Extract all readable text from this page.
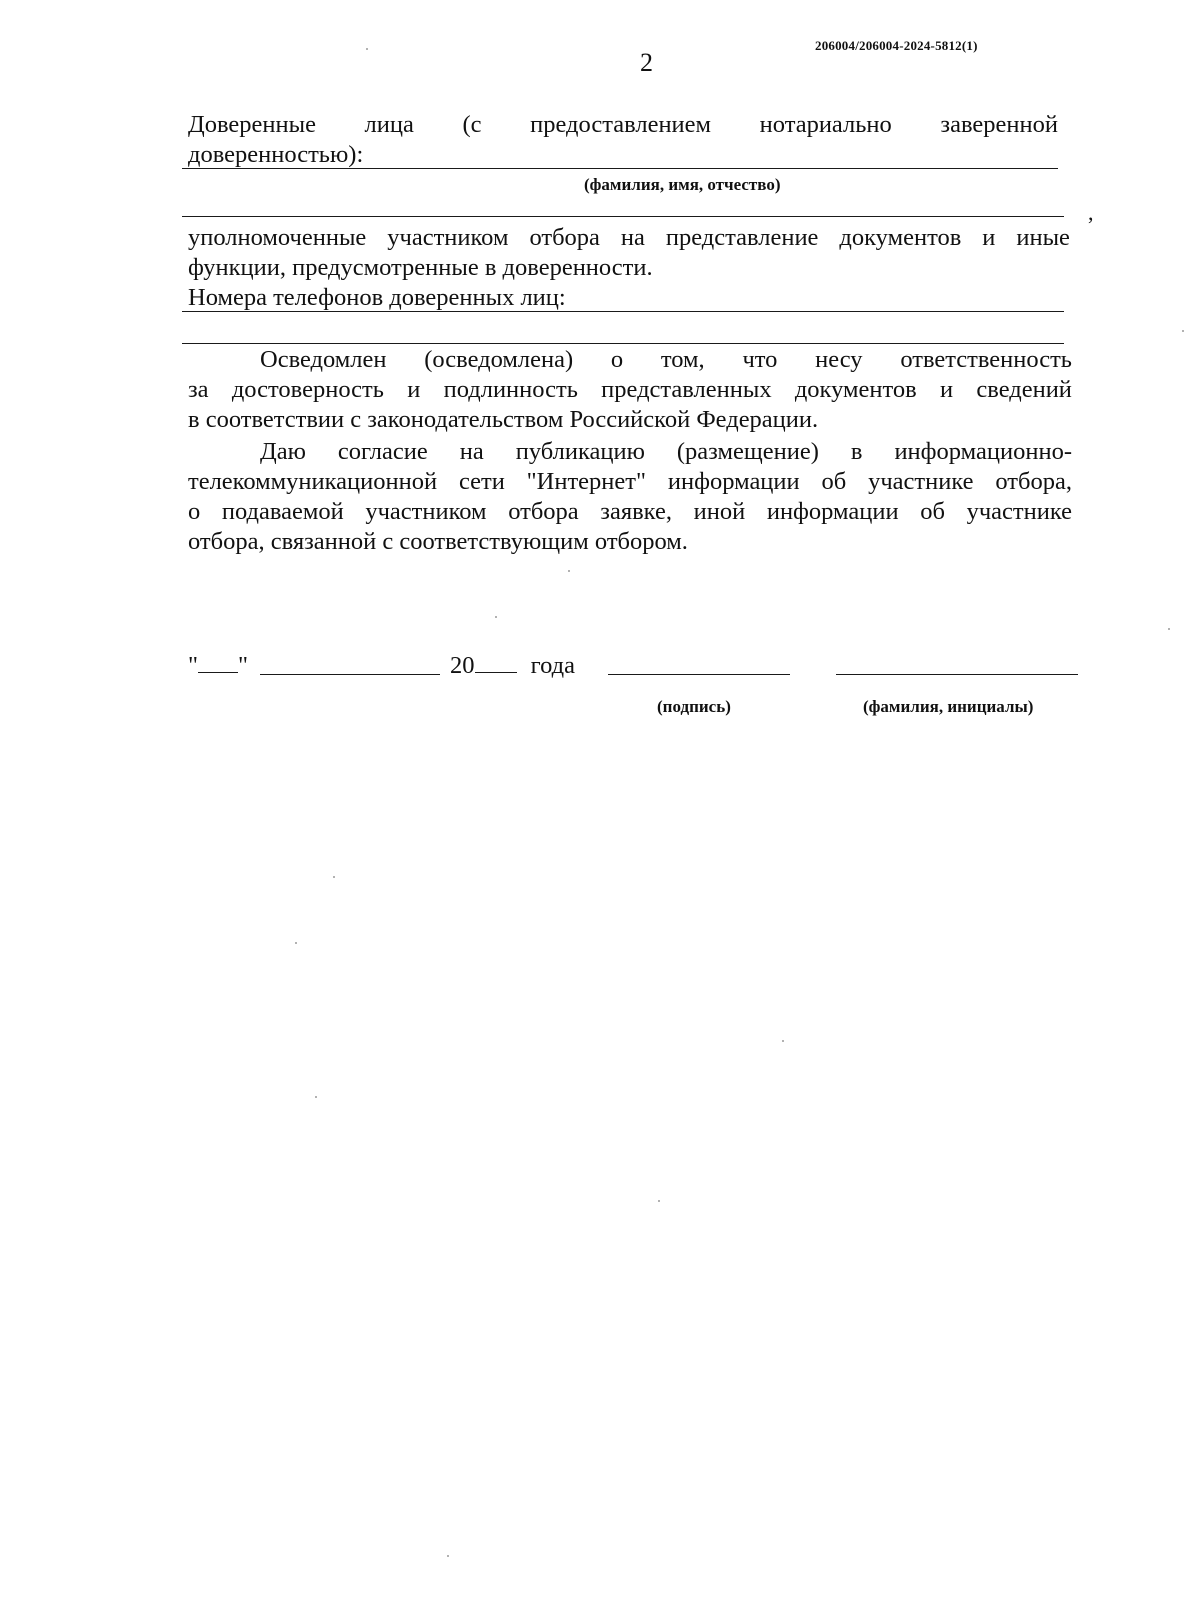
206004/206004-2024-5812(1)
2
Доверенные лица (с предоставлением нотариально заверенной
доверенностью):
(фамилия, имя, отчество)
,
уполномоченные участником отбора на представление документов и иные
функции, предусмотренные в доверенности.
Номера телефонов доверенных лиц:
Осведомлен (осведомлена) о том, что несу ответственность
за достоверность и подлинность представленных документов и сведений
в соответствии с законодательством Российской Федерации.
Даю согласие на публикацию (размещение) в информационно-
телекоммуникационной сети "Интернет" информации об участнике отбора,
о подаваемой участником отбора заявке, иной информации об участнике
отбора, связанной с соответствующим отбором.
" "	20 года
(подпись)	(фамилия, инициалы)
